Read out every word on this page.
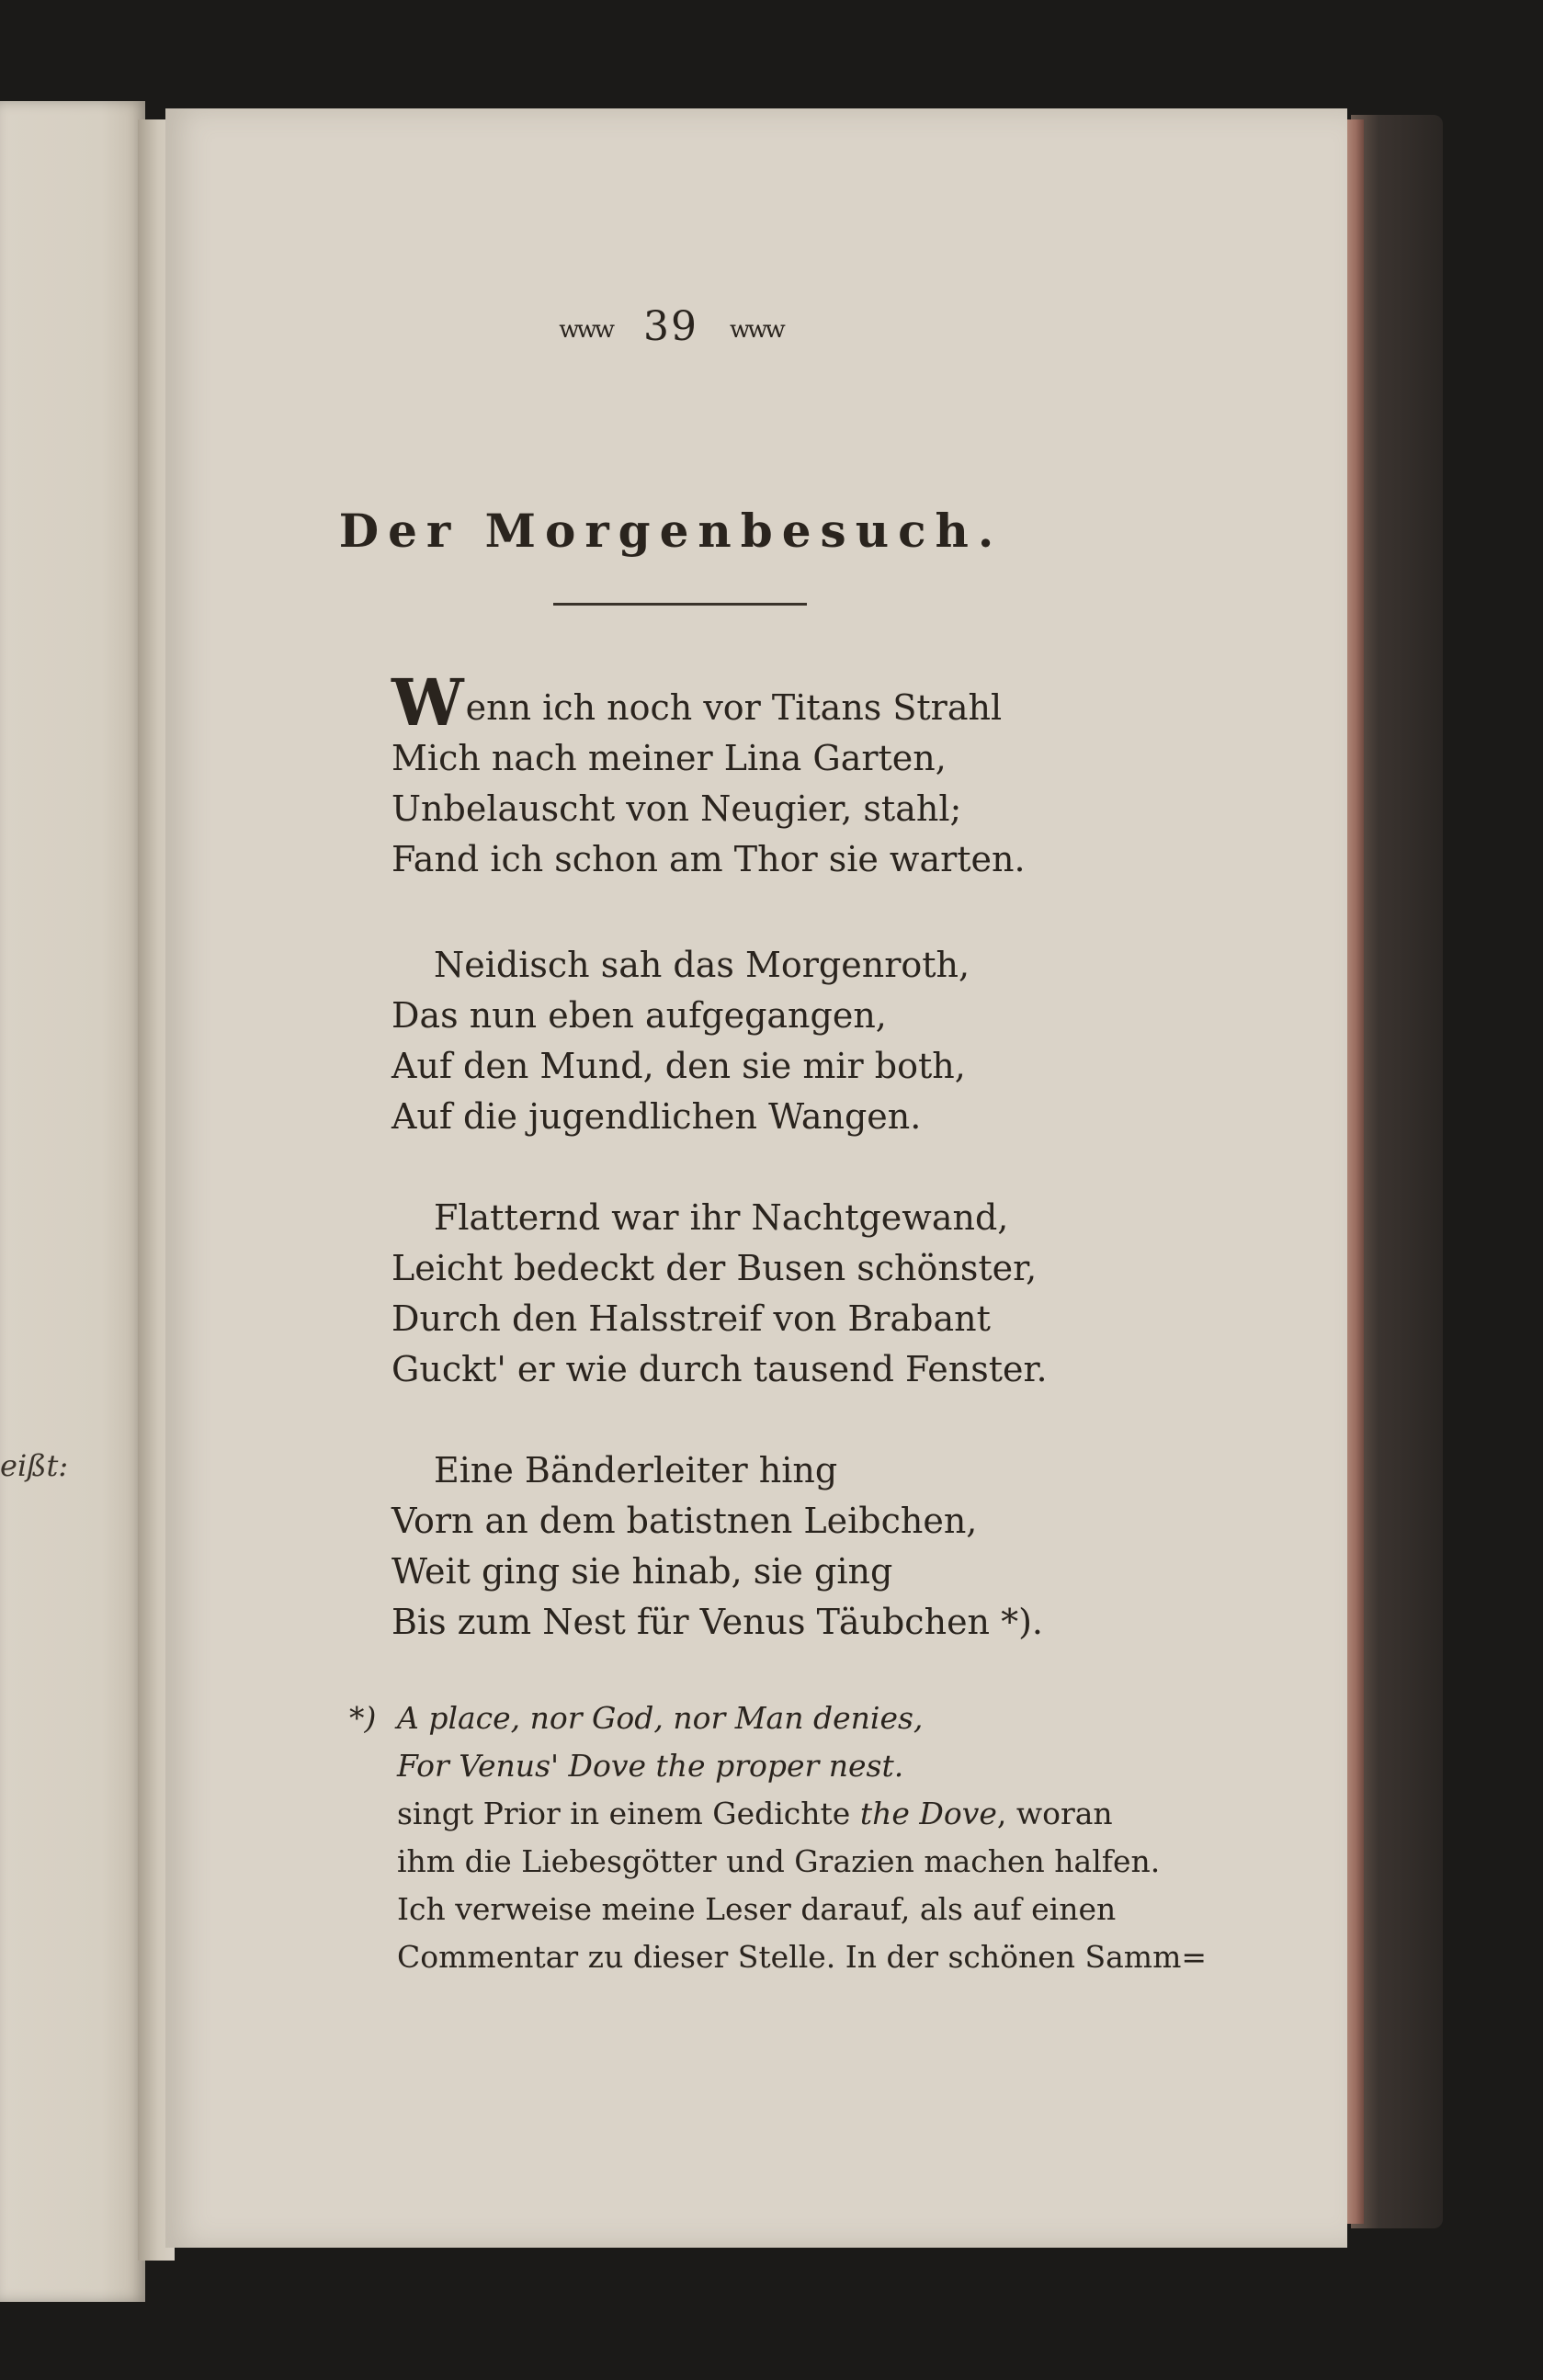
eißt:
ᴡᴡᴡ 39 ᴡᴡᴡ
Der Morgenbesuch.
Wenn ich noch vor Titans Strahl
Mich nach meiner Lina Garten,
Unbelauscht von Neugier, stahl;
Fand ich schon am Thor sie warten.
Neidisch sah das Morgenroth,
Das nun eben aufgegangen,
Auf den Mund, den sie mir both,
Auf die jugendlichen Wangen.
Flatternd war ihr Nachtgewand,
Leicht bedeckt der Busen schönster,
Durch den Halsstreif von Brabant
Guckt' er wie durch tausend Fenster.
Eine Bänderleiter hing
Vorn an dem batistnen Leibchen,
Weit ging sie hinab, sie ging
Bis zum Nest für Venus Täubchen *).
*) A place, nor God, nor Man denies,
For Venus' Dove the proper nest.
singt Prior in einem Gedichte the Dove, woran
ihm die Liebesgötter und Grazien machen halfen.
Ich verweise meine Leser darauf, als auf einen
Commentar zu dieser Stelle. In der schönen Samm=
